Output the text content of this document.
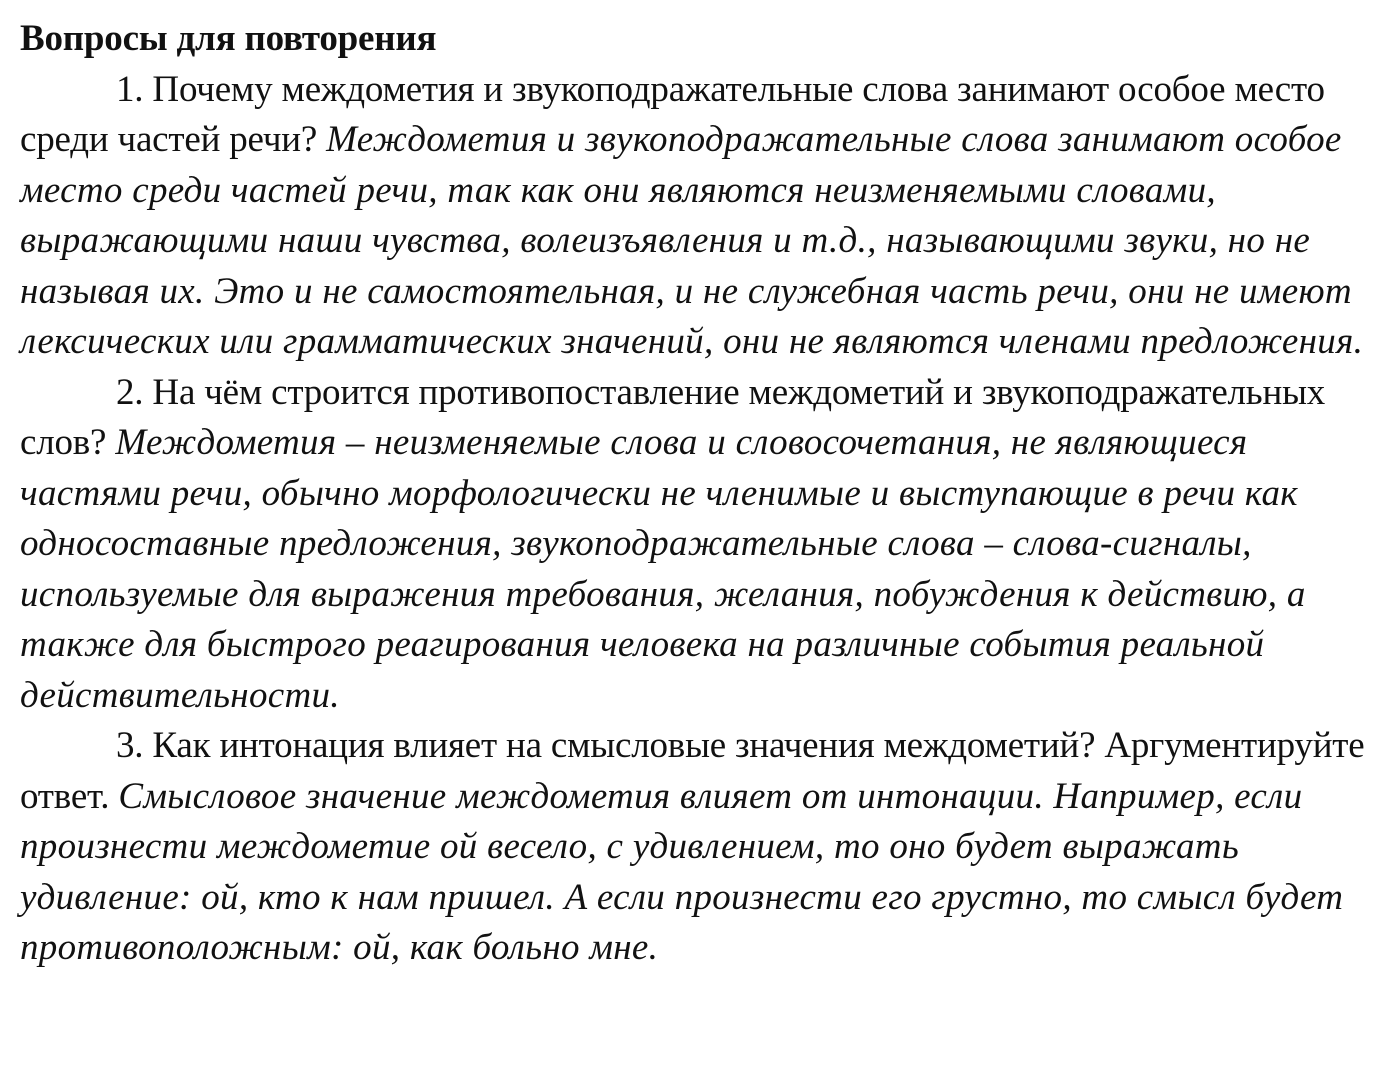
Вопросы для повторения

1. Почему междометия и звукоподражательные слова занимают особое место среди частей речи? Междометия и звукоподражательные слова занимают особое место среди частей речи, так как они являются неизменяемыми словами, выражающими наши чувства, волеизъявления и т.д., называющими звуки, но не называя их. Это и не самостоятельная, и не служебная часть речи, они не имеют лексических или грамматических значений, они не являются членами предложения.

2. На чём строится противопоставление междометий и звукоподражательных слов? Междометия – неизменяемые слова и словосочетания, не являющиеся частями речи, обычно морфологически не членимые и выступающие в речи как односоставные предложения, звукоподражательные слова – слова-сигналы, используемые для выражения требования, желания, побуждения к действию, а также для быстрого реагирования человека на различные события реальной действительности.

3. Как интонация влияет на смысловые значения междометий? Аргументируйте ответ. Смысловое значение междометия влияет от интонации. Например, если произнести междометие ой весело, с удивлением, то оно будет выражать удивление: ой, кто к нам пришел. А если произнести его грустно, то смысл будет противоположным: ой, как больно мне.
